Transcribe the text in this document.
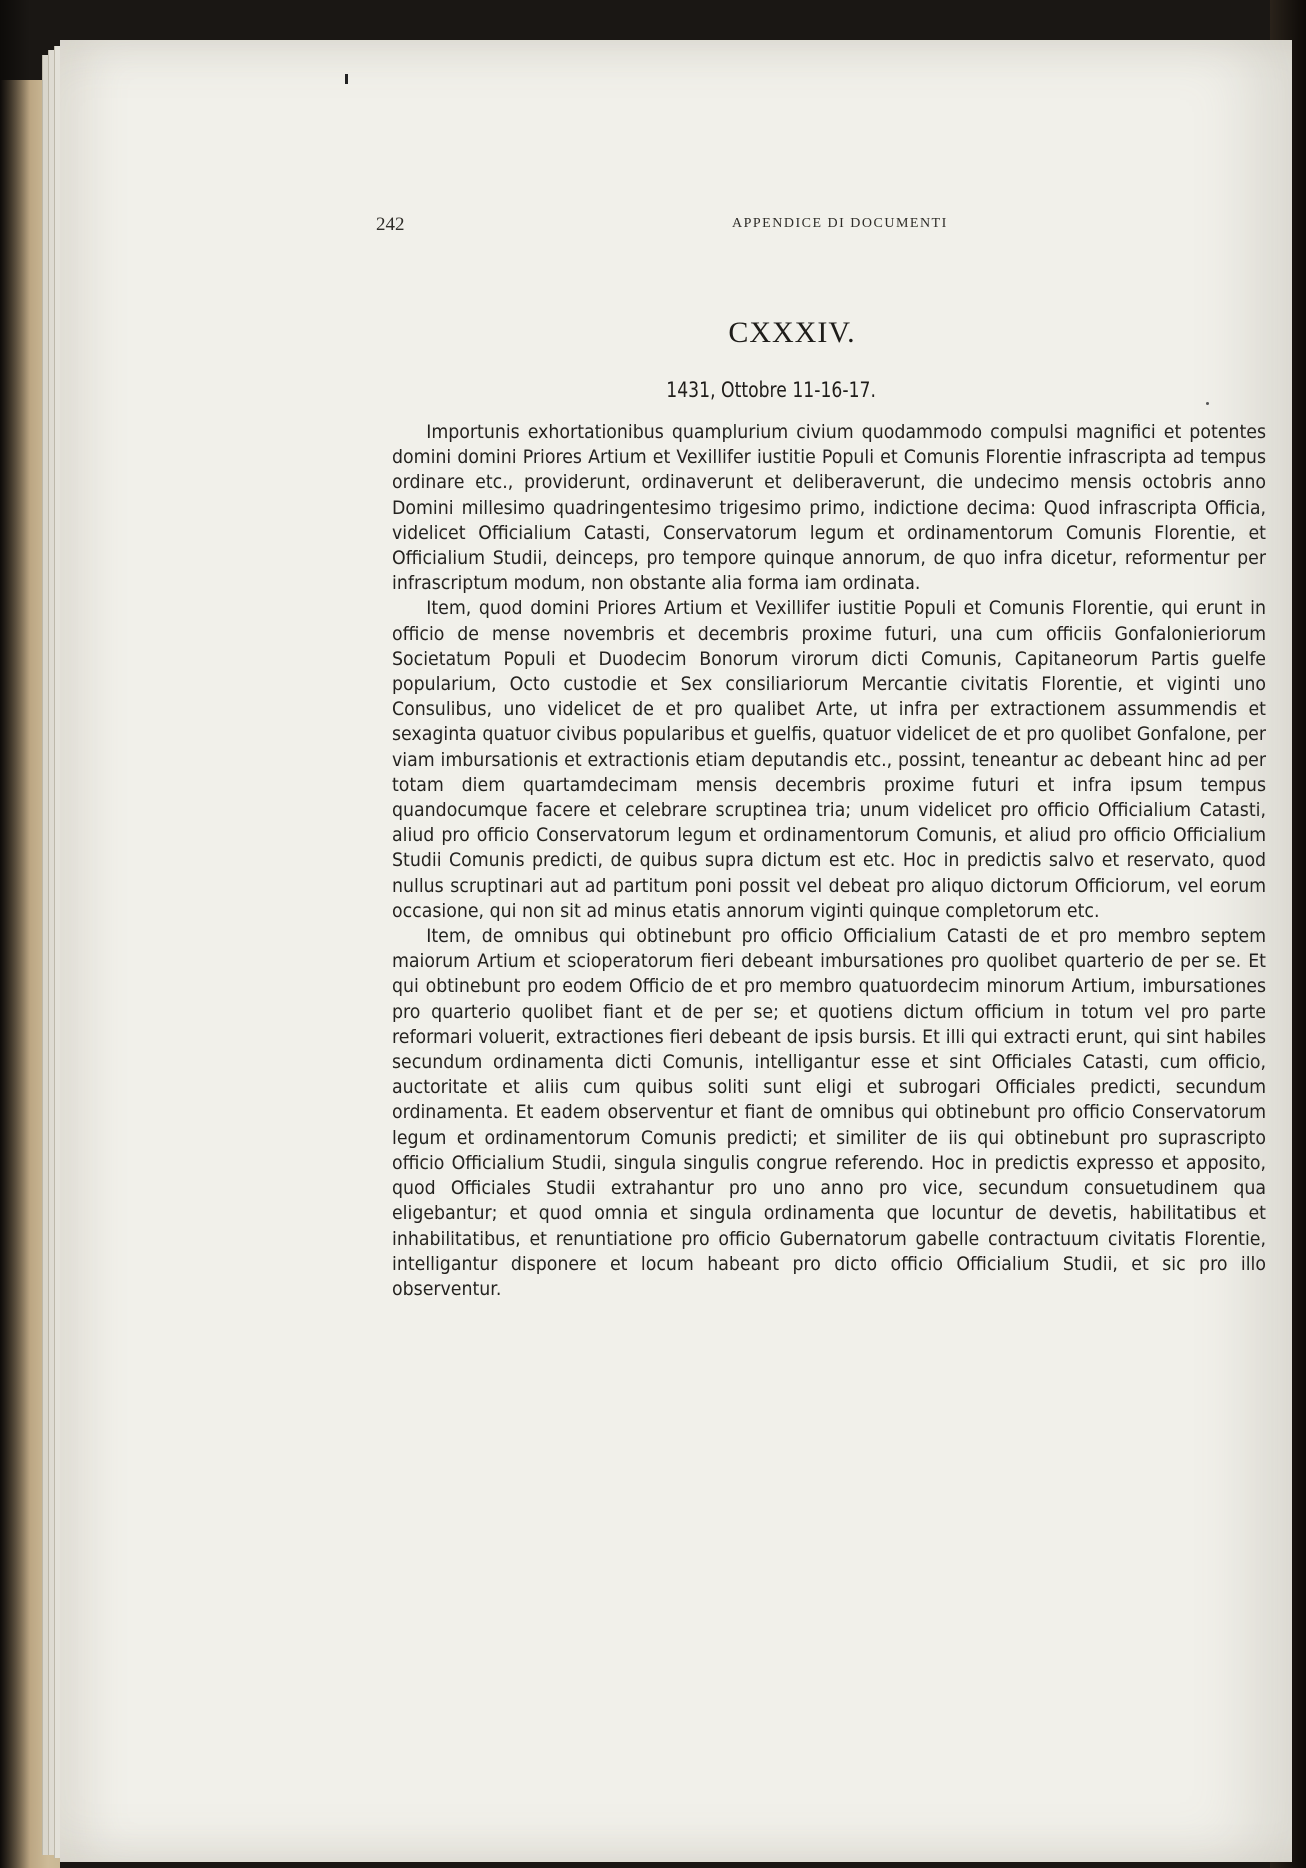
242	APPENDICE DI DOCUMENTI
CXXXIV.
1431, Ottobre 11-16-17.

Importunis exhortationibus quamplurium civium quodammodo compulsi magnifici et potentes domini domini Priores Artium et Vexillifer iustitie Populi et Comunis Florentie infrascripta ad tempus ordinare etc., providerunt, ordinaverunt et deliberaverunt, die undecimo mensis octobris anno Domini millesimo quadringentesimo trigesimo primo, indictione decima: Quod infrascripta Officia, videlicet Officialium Catasti, Conservatorum legum et ordinamentorum Comunis Florentie, et Officialium Studii, deinceps, pro tempore quinque annorum, de quo infra dicetur, reformentur per infrascriptum modum, non obstante alia forma iam ordinata.

Item, quod domini Priores Artium et Vexillifer iustitie Populi et Comunis Florentie, qui erunt in officio de mense novembris et decembris proxime futuri, una cum officiis Gonfalonieriorum Societatum Populi et Duodecim Bonorum virorum dicti Comunis, Capitaneorum Partis guelfe popularium, Octo custodie et Sex consiliariorum Mercantie civitatis Florentie, et viginti uno Consulibus, uno videlicet de et pro qualibet Arte, ut infra per extractionem assummendis et sexaginta quatuor civibus popularibus et guelfis, quatuor videlicet de et pro quolibet Gonfalone, per viam imbursationis et extractionis etiam deputandis etc., possint, teneantur ac debeant hinc ad per totam diem quartamdecimam mensis decembris proxime futuri et infra ipsum tempus quandocumque facere et celebrare scruptinea tria; unum videlicet pro officio Officialium Catasti, aliud pro officio Conservatorum legum et ordinamentorum Comunis, et aliud pro officio Officialium Studii Comunis predicti, de quibus supra dictum est etc. Hoc in predictis salvo et reservato, quod nullus scruptinari aut ad partitum poni possit vel debeat pro aliquo dictorum Officiorum, vel eorum occasione, qui non sit ad minus etatis annorum viginti quinque completorum etc.

Item, de omnibus qui obtinebunt pro officio Officialium Catasti de et pro membro septem maiorum Artium et scioperatorum fieri debeant imbursationes pro quolibet quarterio de per se. Et qui obtinebunt pro eodem Officio de et pro membro quatuordecim minorum Artium, imbursationes pro quarterio quolibet fiant et de per se; et quotiens dictum officium in totum vel pro parte reformari voluerit, extractiones fieri debeant de ipsis bursis. Et illi qui extracti erunt, qui sint habiles secundum ordinamenta dicti Comunis, intelligantur esse et sint Officiales Catasti, cum officio, auctoritate et aliis cum quibus soliti sunt eligi et subrogari Officiales predicti, secundum ordinamenta. Et eadem observentur et fiant de omnibus qui obtinebunt pro officio Conservatorum legum et ordinamentorum Comunis predicti; et similiter de iis qui obtinebunt pro suprascripto officio Officialium Studii, singula singulis congrue referendo. Hoc in predictis expresso et apposito, quod Officiales Studii extrahantur pro uno anno pro vice, secundum consuetudinem qua eligebantur; et quod omnia et singula ordinamenta que locuntur de devetis, habilitatibus et inhabilitatibus, et renuntiatione pro officio Gubernatorum gabelle contractuum civitatis Florentie, intelligantur disponere et locum habeant pro dicto officio Officialium Studii, et sic pro illo observentur.
